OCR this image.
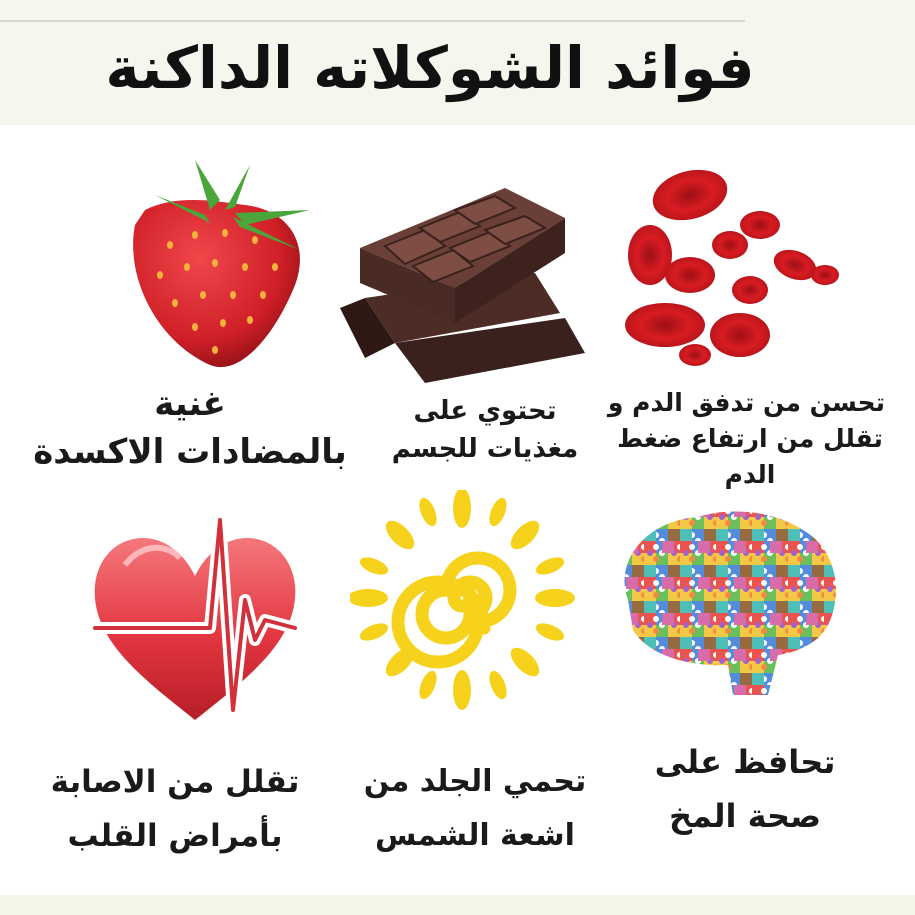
فوائد الشوكلاته الداكنة
غنية
بالمضادات الاكسدة
تحتوي على
مغذيات للجسم
تحسن من تدفق الدم و
تقلل من ارتفاع ضغط
الدم
تقلل من الاصابة
بأمراض القلب
تحمي الجلد من
اشعة الشمس
تحافظ على
صحة المخ
